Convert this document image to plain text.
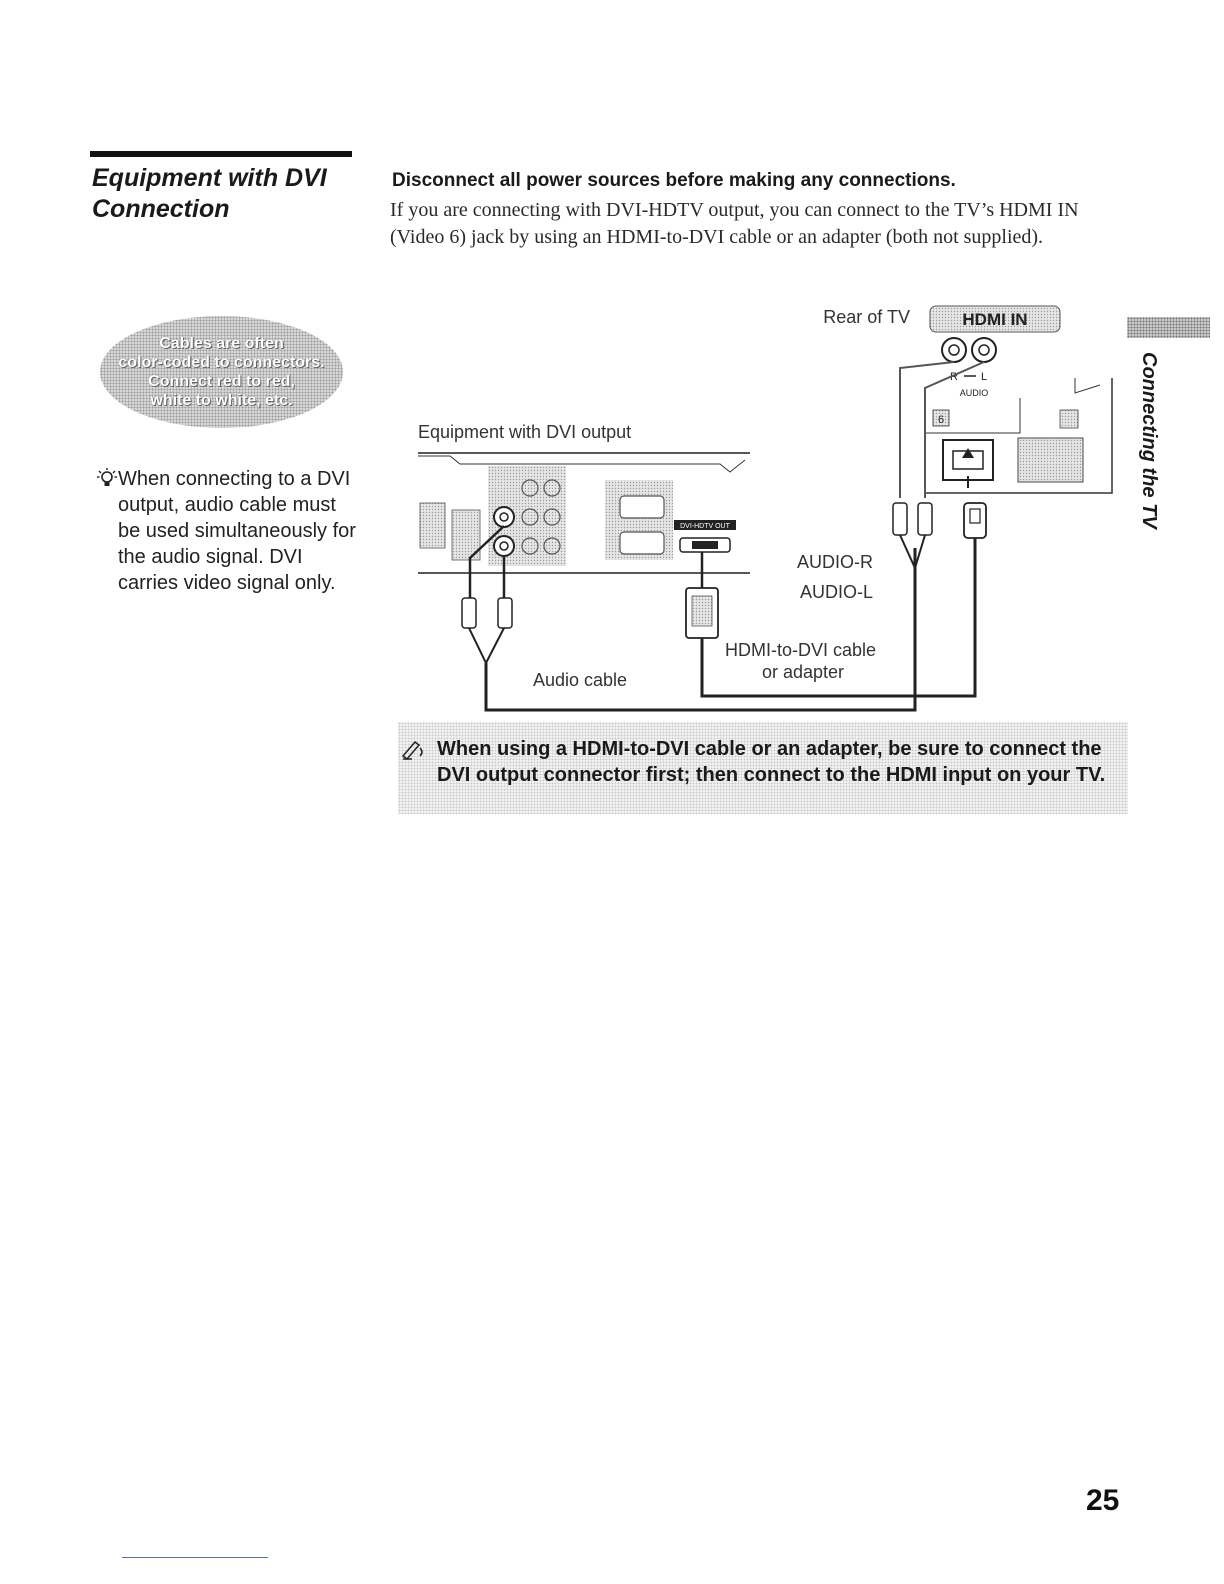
Equipment with DVI Connection
Disconnect all power sources before making any connections.
If you are connecting with DVI-HDTV output, you can connect to the TV’s HDMI IN (Video 6) jack by using an HDMI-to-DVI cable or an adapter (both not supplied).
Cables are often
color-coded to connectors.
Connect red to red,
white to white, etc.
When connecting to a DVI output, audio cable must be used simultaneously for the audio signal. DVI carries video signal only.
Connecting the TV
HDMI IN
R L
AUDIO
6
Rear of TV
Equipment with DVI output
DVI-HDTV OUT
AUDIO-R
AUDIO-L
HDMI-to-DVI cable
or adapter
Audio cable
When using a HDMI-to-DVI cable or an adapter, be sure to connect the DVI output connector first; then connect to the HDMI input on your TV.
25
